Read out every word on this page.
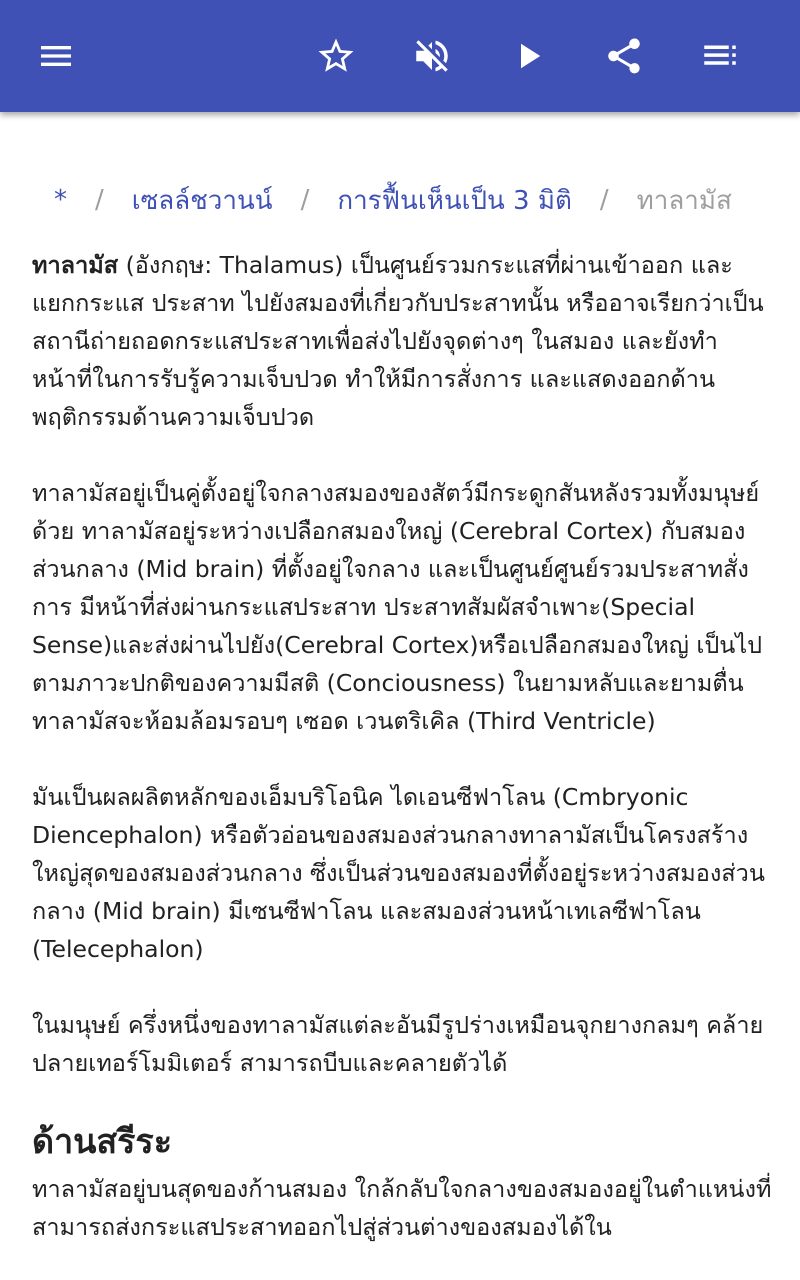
* / เซลล์ชวานน์ / การฟื้นเห็นเป็น 3 มิติ / ทาลามัส

ทาลามัส (อังกฤษ: Thalamus) เป็นศูนย์รวมกระแสที่ผ่านเข้าออก และแยกกระแส ประสาท ไปยังสมองที่เกี่ยวกับประสาทนั้น หรืออาจเรียกว่าเป็นสถานีถ่ายถอดกระแสประสาทเพื่อส่งไปยังจุดต่างๆ ในสมอง และยังทำหน้าที่ในการรับรู้ความเจ็บปวด ทำให้มีการสั่งการ และแสดงออกด้านพฤติกรรมด้านความเจ็บปวด

ทาลามัสอยู่เป็นคู่ตั้งอยู่ใจกลางสมองของสัตว์มีกระดูกสันหลังรวมทั้งมนุษย์ด้วย ทาลามัสอยู่ระหว่างเปลือกสมองใหญ่ (Cerebral Cortex) กับสมองส่วนกลาง (Mid brain) ที่ตั้งอยู่ใจกลาง และเป็นศูนย์ศูนย์รวมประสาทสั่งการ มีหน้าที่ส่งผ่านกระแสประสาท ประสาทสัมผัสจำเพาะ(Special Sense)และส่งผ่านไปยัง(Cerebral Cortex)หรือเปลือกสมองใหญ่ เป็นไปตามภาวะปกติของความมีสติ (Conciousness) ในยามหลับและยามตื่น ทาลามัสจะห้อมล้อมรอบๆ เซอด เวนตริเคิล (Third Ventricle)

มันเป็นผลผลิตหลักของเอ็มบริโอนิค ไดเอนซีฟาโลน (Cmbryonic Diencephalon) หรือตัวอ่อนของสมองส่วนกลางทาลามัสเป็นโครงสร้างใหญ่สุดของสมองส่วนกลาง ซึ่งเป็นส่วนของสมองที่ตั้งอยู่ระหว่างสมองส่วนกลาง (Mid brain) มีเซนซีฟาโลน และสมองส่วนหน้าเทเลซีฟาโลน (Telecephalon)

ในมนุษย์ ครึ่งหนึ่งของทาลามัสแต่ละอันมีรูปร่างเหมือนจุกยางกลมๆ คล้ายปลายเทอร์โมมิเตอร์ สามารถบีบและคลายตัวได้

ด้านสรีระ

ทาลามัสอยู่บนสุดของก้านสมอง ใกล้กลับใจกลางของสมองอยู่ในตำแหน่งที่สามารถส่งกระแสประสาทออกไปสู่ส่วนต่างของสมองได้ใน
